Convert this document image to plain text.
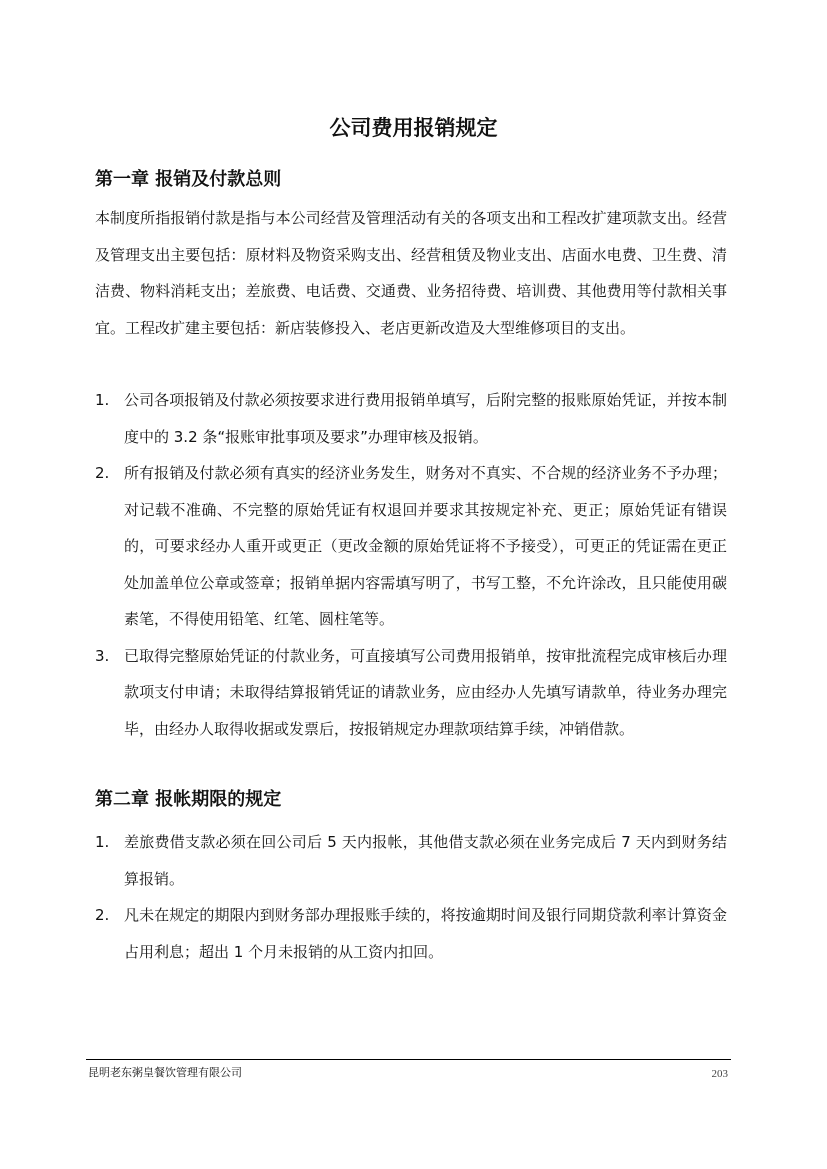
公司费用报销规定
第一章 报销及付款总则

本制度所指报销付款是指与本公司经营及管理活动有关的各项支出和工程改扩建项款支出。经营及管理支出主要包括：原材料及物资采购支出、经营租赁及物业支出、店面水电费、卫生费、清洁费、物料消耗支出；差旅费、电话费、交通费、业务招待费、培训费、其他费用等付款相关事宜。工程改扩建主要包括：新店装修投入、老店更新改造及大型维修项目的支出。

1. 公司各项报销及付款必须按要求进行费用报销单填写，后附完整的报账原始凭证，并按本制度中的 3.2 条“报账审批事项及要求”办理审核及报销。
2. 所有报销及付款必须有真实的经济业务发生，财务对不真实、不合规的经济业务不予办理；对记载不准确、不完整的原始凭证有权退回并要求其按规定补充、更正；原始凭证有错误的，可要求经办人重开或更正（更改金额的原始凭证将不予接受），可更正的凭证需在更正处加盖单位公章或签章；报销单据内容需填写明了，书写工整，不允许涂改，且只能使用碳素笔，不得使用铅笔、红笔、圆柱笔等。
3. 已取得完整原始凭证的付款业务，可直接填写公司费用报销单，按审批流程完成审核后办理款项支付申请；未取得结算报销凭证的请款业务，应由经办人先填写请款单，待业务办理完毕，由经办人取得收据或发票后，按报销规定办理款项结算手续，冲销借款。
第二章 报帐期限的规定
1. 差旅费借支款必须在回公司后 5 天内报帐，其他借支款必须在业务完成后 7 天内到财务结算报销。
2. 凡未在规定的期限内到财务部办理报账手续的，将按逾期时间及银行同期贷款利率计算资金占用利息；超出 1 个月未报销的从工资内扣回。
昆明老东粥皇餐饮管理有限公司	203
